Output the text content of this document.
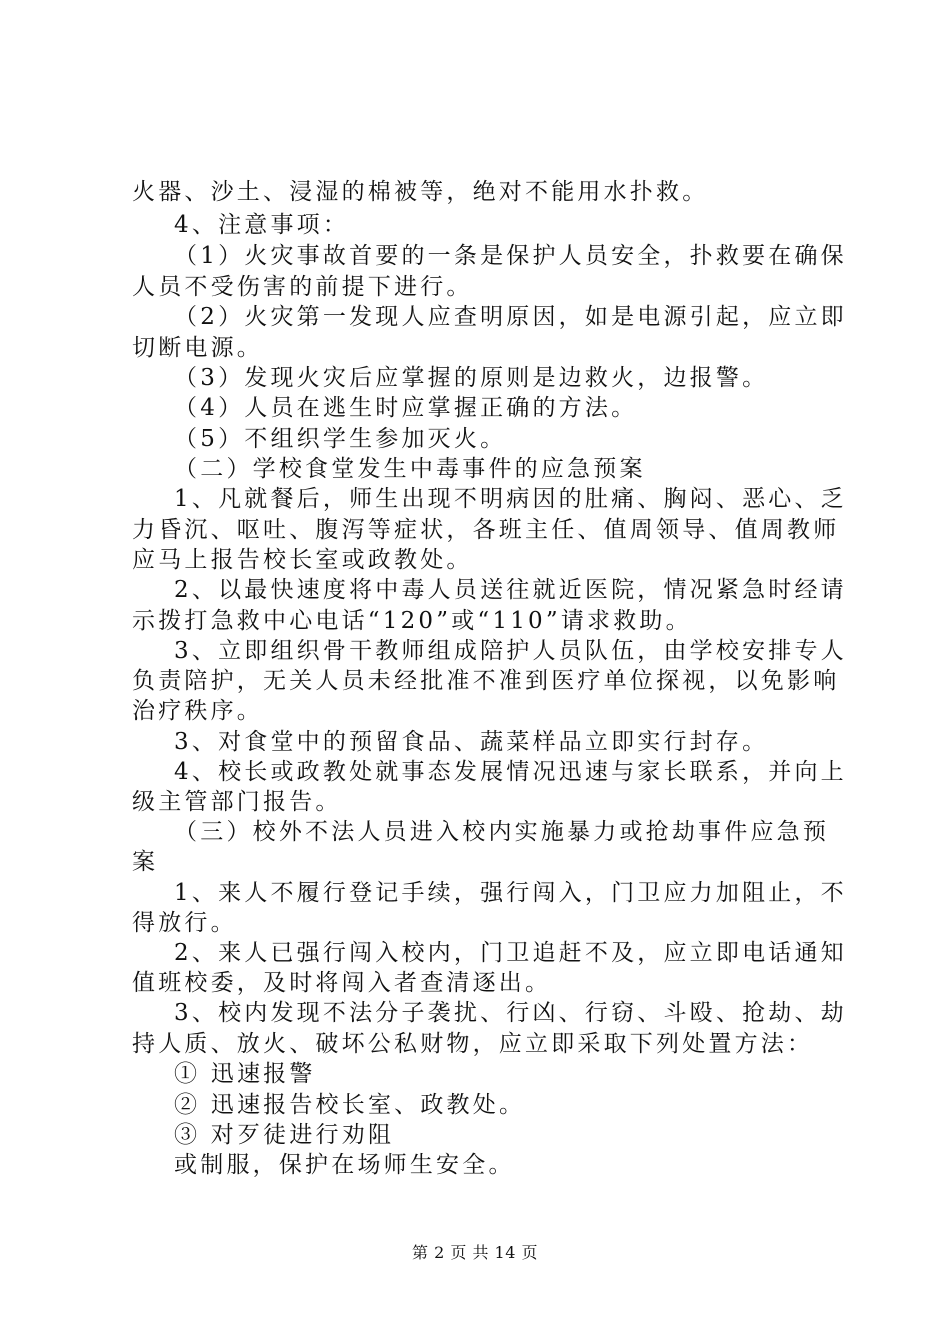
火器、沙土、浸湿的棉被等，绝对不能用水扑救。
4、注意事项：
（1）火灾事故首要的一条是保护人员安全，扑救要在确保
人员不受伤害的前提下进行。
（2）火灾第一发现人应查明原因，如是电源引起，应立即
切断电源。
（3）发现火灾后应掌握的原则是边救火，边报警。
（4）人员在逃生时应掌握正确的方法。
（5）不组织学生参加灭火。
（二）学校食堂发生中毒事件的应急预案
1、凡就餐后，师生出现不明病因的肚痛、胸闷、恶心、乏
力昏沉、呕吐、腹泻等症状，各班主任、值周领导、值周教师
应马上报告校长室或政教处。
2、以最快速度将中毒人员送往就近医院，情况紧急时经请
示拨打急救中心电话“120”或“110”请求救助。
3、立即组织骨干教师组成陪护人员队伍，由学校安排专人
负责陪护，无关人员未经批准不准到医疗单位探视，以免影响
治疗秩序。
3、对食堂中的预留食品、蔬菜样品立即实行封存。
4、校长或政教处就事态发展情况迅速与家长联系，并向上
级主管部门报告。
（三）校外不法人员进入校内实施暴力或抢劫事件应急预
案
1、来人不履行登记手续，强行闯入，门卫应力加阻止，不
得放行。
2、来人已强行闯入校内，门卫追赶不及，应立即电话通知
值班校委，及时将闯入者查清逐出。
3、校内发现不法分子袭扰、行凶、行窃、斗殴、抢劫、劫
持人质、放火、破坏公私财物，应立即采取下列处置方法：
① 迅速报警
② 迅速报告校长室、政教处。
③ 对歹徒进行劝阻
或制服，保护在场师生安全。
第 2 页 共 14 页
